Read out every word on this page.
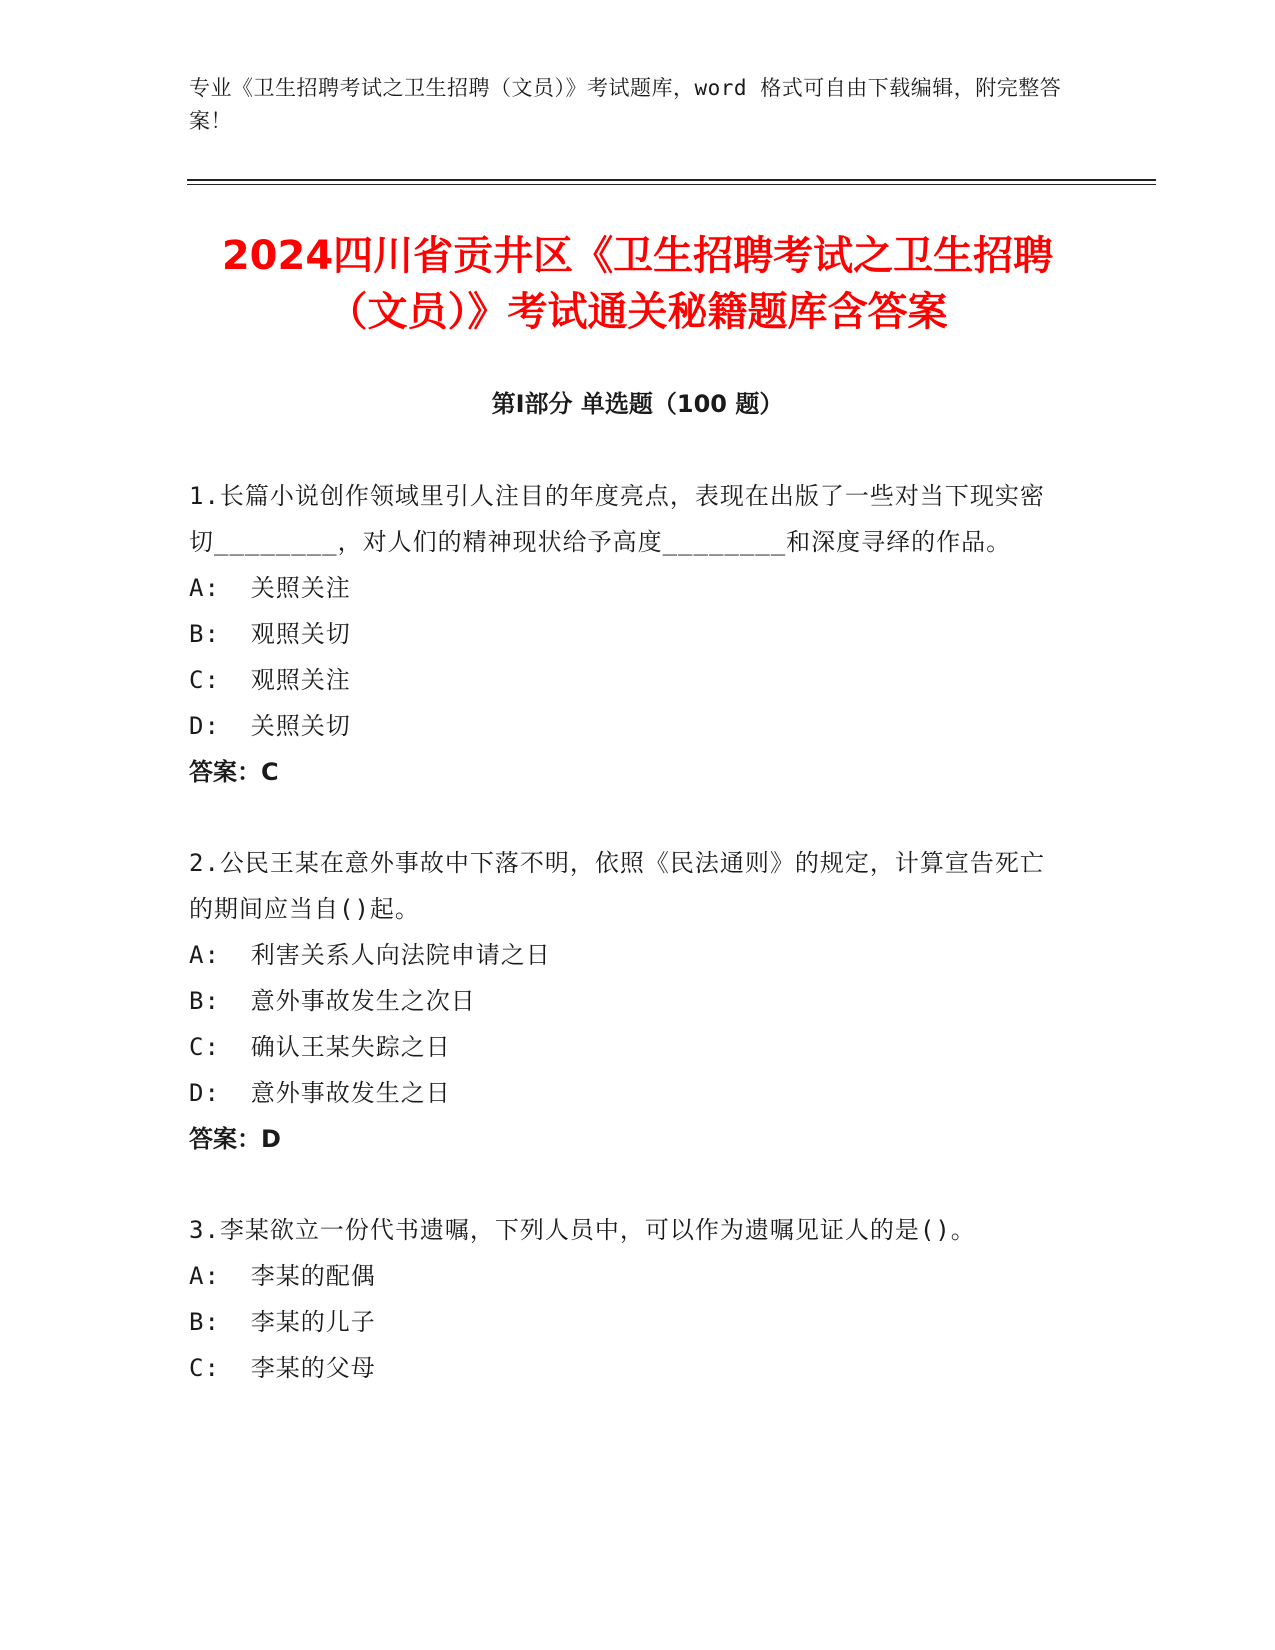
专业《卫生招聘考试之卫生招聘（文员）》考试题库，word 格式可自由下载编辑，附完整答案！
2024四川省贡井区《卫生招聘考试之卫生招聘（文员）》考试通关秘籍题库含答案
第Ⅰ部分 单选题（100 题）
1.长篇小说创作领域里引人注目的年度亮点，表现在出版了一些对当下现实密切________，对人们的精神现状给予高度________和深度寻绎的作品。
A:  关照关注
B:  观照关切
C:  观照关注
D:  关照关切
答案：C
2.公民王某在意外事故中下落不明，依照《民法通则》的规定，计算宣告死亡的期间应当自()起。
A:  利害关系人向法院申请之日
B:  意外事故发生之次日
C:  确认王某失踪之日
D:  意外事故发生之日
答案：D
3.李某欲立一份代书遗嘱，下列人员中，可以作为遗嘱见证人的是()。
A:  李某的配偶
B:  李某的儿子
C:  李某的父母
